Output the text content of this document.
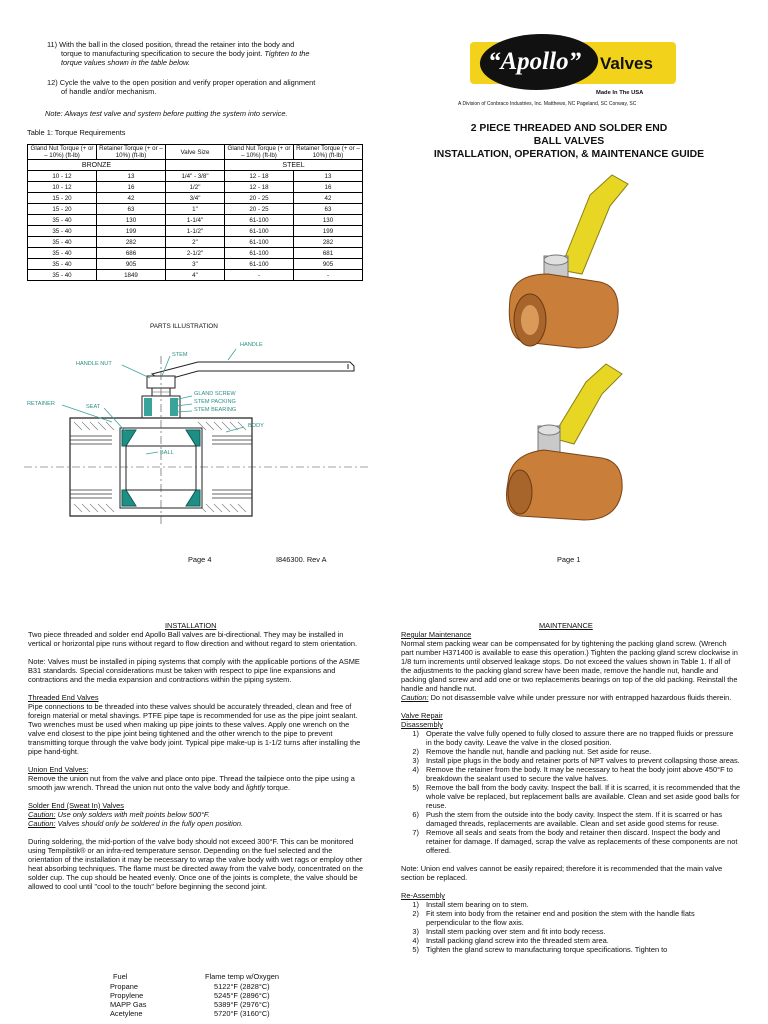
11) With the ball in the closed position, thread the retainer into the body and
torque to manufacturing specification to secure the body joint. Tighten to the
torque values shown in the table below.
12) Cycle the valve to the open position and verify proper operation and alignment
of handle and/or mechanism.
Note: Always test valve and system before putting the system into service.
Table 1: Torque Requirements
Gland Nut Torque (+ or – 10%) (ft-lb)	Retainer Torque (+ or – 10%) (ft-lb)	Valve Size	Gland Nut Torque (+ or – 10%) (ft-lb)	Retainer Torque (+ or – 10%) (ft-lb)
BRONZE			STEEL	
10 - 12	13	1/4" - 3/8"	12 - 18	13
10 - 12	16	1/2"	12 - 18	16
15 - 20	42	3/4"	20 - 25	42
15 - 20	63	1"	20 - 25	63
35 - 40	130	1-1/4"	61-100	130
35 - 40	199	1-1/2"	61-100	199
35 - 40	282	2"	61-100	282
35 - 40	686	2-1/2"	61-100	681
35 - 40	905	3"	61-100	905
35 - 40	1849	4"	-	-
PARTS ILLUSTRATION
HANDLE
STEM
HANDLE NUT
GLAND SCREW
STEM PACKING
STEM BEARING
RETAINER	SEAT
BODY
BALL
Page 4	I846300. Rev A
“Apollo” Valves
Made In The USA
A Division of Conbraco Industries, Inc. Matthews, NC Pageland, SC Conway, SC
2 PIECE THREADED AND SOLDER END
BALL VALVES
INSTALLATION, OPERATION, & MAINTENANCE GUIDE
Page 1
INSTALLATION
Two piece threaded and solder end Apollo Ball valves are bi-directional. They may be installed in vertical or horizontal pipe runs without regard to flow direction and without regard to stem orientation.
Note: Valves must be installed in piping systems that comply with the applicable portions of the ASME B31 standards. Special considerations must be taken with respect to pipe line expansions and contractions and the media expansion and contractions within the piping system.
Threaded End Valves
Pipe connections to be threaded into these valves should be accurately threaded, clean and free of foreign material or metal shavings. PTFE pipe tape is recommended for use as the pipe joint sealant. Two wrenches must be used when making up pipe joints to these valves. Apply one wrench on the valve end closest to the pipe joint being tightened and the other wrench to the pipe to prevent transmitting torque through the valve body joint. Typical pipe make-up is 1-1/2 turns after installing the pipe hand-tight.
Union End Valves:
Remove the union nut from the valve and place onto pipe. Thread the tailpiece onto the pipe using a smooth jaw wrench. Thread the union nut onto the valve body and lightly torque.
Solder End (Sweat In) Valves
Caution: Use only solders with melt points below 500°F.
Caution: Valves should only be soldered in the fully open position.
During soldering, the mid-portion of the valve body should not exceed 300°F. This can be monitored using Tempilstik® or an infra-red temperature sensor. Depending on the fuel selected and the orientation of the installation it may be necessary to wrap the valve body with wet rags or employ other heat absorbing techniques. The flame must be directed away from the valve body, concentrated on the solder cup. The cup should be heated evenly. Once one of the joints is complete, the valve should be allowed to cool until "cool to the touch" before beginning the second joint.
Fuel	Flame temp w/Oxygen
Propane	5122°F (2828°C)
Propylene	5245°F (2896°C)
MAPP Gas	5389°F (2976°C)
Acetylene	5720°F (3160°C)
MAINTENANCE
Regular Maintenance
Normal stem packing wear can be compensated for by tightening the packing gland screw. (Wrench part number H371400 is available to ease this operation.) Tighten the packing gland screw clockwise in 1/8 turn increments until observed leakage stops. Do not exceed the values shown in Table 1. If all of the adjustments to the packing gland screw have been made, remove the handle nut, handle and packing gland screw and add one or two replacements bearings on top of the old packing. Reinstall the handle and handle nut.
Caution: Do not disassemble valve while under pressure nor with entrapped hazardous fluids therein.
Valve Repair
Disassembly
1) Operate the valve fully opened to fully closed to assure there are no trapped fluids or pressure in the body cavity. Leave the valve in the closed position.
2) Remove the handle nut, handle and packing nut. Set aside for reuse.
3) Install pipe plugs in the body and retainer ports of NPT valves to prevent collapsing those areas.
4) Remove the retainer from the body. It may be necessary to heat the body joint above 450°F to breakdown the sealant used to secure the valve halves.
5) Remove the ball from the body cavity. Inspect the ball. If it is scarred, it is recommended that the whole valve be replaced, but replacement balls are available. Clean and set aside good balls for reuse.
6) Push the stem from the outside into the body cavity. Inspect the stem. If it is scarred or has damaged threads, replacements are available. Clean and set aside good stems for reuse.
7) Remove all seals and seats from the body and retainer then discard. Inspect the body and retainer for damage. If damaged, scrap the valve as replacements of these components are not offered.
Note: Union end valves cannot be easily repaired; therefore it is recommended that the main valve section be replaced.
Re-Assembly
1) Install stem bearing on to stem.
2) Fit stem into body from the retainer end and position the stem with the handle flats perpendicular to the flow axis.
3) Install stem packing over stem and fit into body recess.
4) Install packing gland screw into the threaded stem area.
5) Tighten the gland screw to manufacturing torque specifications. Tighten to
